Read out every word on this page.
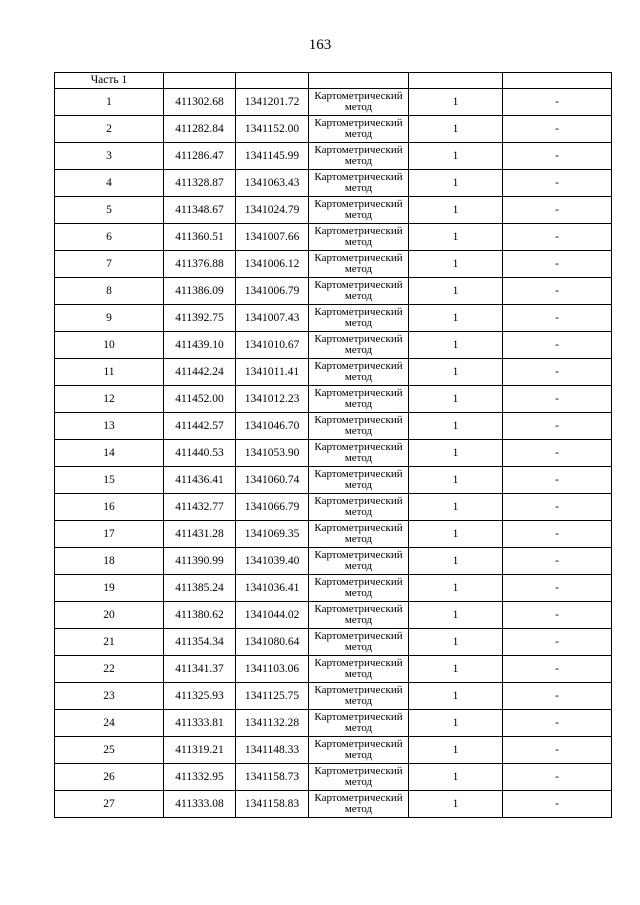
163
Часть 1					
1	411302.68	1341201.72	Картометрический
метод	1	-
2	411282.84	1341152.00	Картометрический
метод	1	-
3	411286.47	1341145.99	Картометрический
метод	1	-
4	411328.87	1341063.43	Картометрический
метод	1	-
5	411348.67	1341024.79	Картометрический
метод	1	-
6	411360.51	1341007.66	Картометрический
метод	1	-
7	411376.88	1341006.12	Картометрический
метод	1	-
8	411386.09	1341006.79	Картометрический
метод	1	-
9	411392.75	1341007.43	Картометрический
метод	1	-
10	411439.10	1341010.67	Картометрический
метод	1	-
11	411442.24	1341011.41	Картометрический
метод	1	-
12	411452.00	1341012.23	Картометрический
метод	1	-
13	411442.57	1341046.70	Картометрический
метод	1	-
14	411440.53	1341053.90	Картометрический
метод	1	-
15	411436.41	1341060.74	Картометрический
метод	1	-
16	411432.77	1341066.79	Картометрический
метод	1	-
17	411431.28	1341069.35	Картометрический
метод	1	-
18	411390.99	1341039.40	Картометрический
метод	1	-
19	411385.24	1341036.41	Картометрический
метод	1	-
20	411380.62	1341044.02	Картометрический
метод	1	-
21	411354.34	1341080.64	Картометрический
метод	1	-
22	411341.37	1341103.06	Картометрический
метод	1	-
23	411325.93	1341125.75	Картометрический
метод	1	-
24	411333.81	1341132.28	Картометрический
метод	1	-
25	411319.21	1341148.33	Картометрический
метод	1	-
26	411332.95	1341158.73	Картометрический
метод	1	-
27	411333.08	1341158.83	Картометрический
метод	1	-
